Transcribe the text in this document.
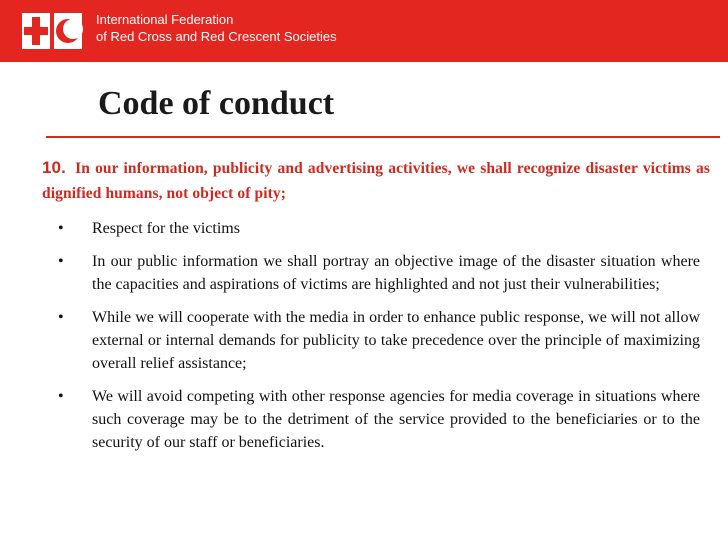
International Federation
of Red Cross and Red Crescent Societies
Code of conduct
10. In our information, publicity and advertising activities, we shall recognize disaster victims as dignified humans, not object of pity;
• Respect for the victims
• In our public information we shall portray an objective image of the disaster situation where the capacities and aspirations of victims are highlighted and not just their vulnerabilities;
• While we will cooperate with the media in order to enhance public response, we will not allow external or internal demands for publicity to take precedence over the principle of maximizing overall relief assistance;
• We will avoid competing with other response agencies for media coverage in situations where such coverage may be to the detriment of the service provided to the beneficiaries or to the security of our staff or beneficiaries.
